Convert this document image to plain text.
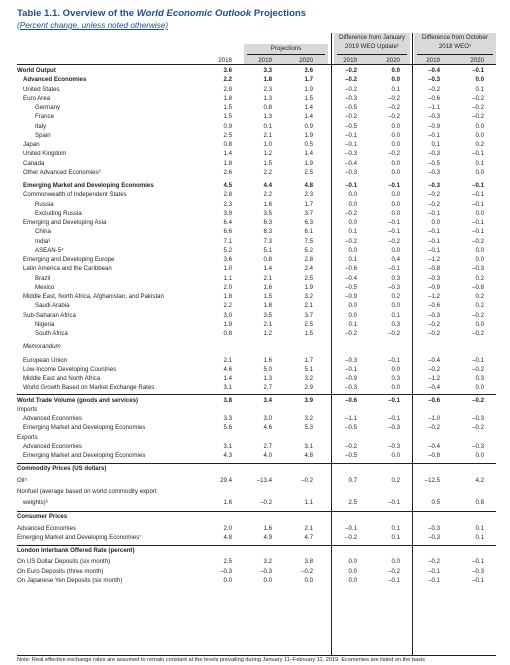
Table 1.1. Overview of the World Economic Outlook Projections
(Percent change, unless noted otherwise)
Projections
Difference from January
2019 WEO Update¹
Difference from October
2018 WEO¹
2018	2019	2020	2019	2020	2019	2020
World Output	3.6	3.3	3.6	–0.2	0.0	–0.4	–0.1
Advanced Economies	2.2	1.8	1.7	–0.2	0.0	–0.3	0.0
United States	2.9	2.3	1.9	–0.2	0.1	–0.2	0.1
Euro Area	1.8	1.3	1.5	–0.3	–0.2	–0.6	–0.2
Germany	1.5	0.8	1.4	–0.5	–0.2	–1.1	–0.2
France	1.5	1.3	1.4	–0.2	–0.2	–0.3	–0.2
Italy	0.9	0.1	0.9	–0.5	0.0	–0.9	0.0
Spain	2.5	2.1	1.9	–0.1	0.0	–0.1	0.0
Japan	0.8	1.0	0.5	–0.1	0.0	0.1	0.2
United Kingdom	1.4	1.2	1.4	–0.3	–0.2	–0.3	–0.1
Canada	1.8	1.5	1.9	–0.4	0.0	–0.5	0.1
Other Advanced Economies²	2.6	2.2	2.5	–0.3	0.0	–0.3	0.0
Emerging Market and Developing Economies	4.5	4.4	4.8	–0.1	–0.1	–0.3	–0.1
Commonwealth of Independent States	2.8	2.2	2.3	0.0	0.0	–0.2	–0.1
Russia	2.3	1.6	1.7	0.0	0.0	–0.2	–0.1
Excluding Russia	3.9	3.5	3.7	–0.2	0.0	–0.1	0.0
Emerging and Developing Asia	6.4	6.3	6.3	0.0	–0.1	0.0	–0.1
China	6.6	6.3	6.1	0.1	–0.1	–0.1	–0.1
India³	7.1	7.3	7.5	–0.2	–0.2	–0.1	–0.2
ASEAN-5⁴	5.2	5.1	5.2	0.0	0.0	–0.1	0.0
Emerging and Developing Europe	3.6	0.8	2.8	0.1	0.4	–1.2	0.0
Latin America and the Caribbean	1.0	1.4	2.4	–0.6	–0.1	–0.8	–0.3
Brazil	1.1	2.1	2.5	–0.4	0.3	–0.3	0.2
Mexico	2.0	1.6	1.9	–0.5	–0.3	–0.9	–0.8
Middle East, North Africa, Afghanistan, and Pakistan	1.8	1.5	3.2	–0.9	0.2	–1.2	0.2
Saudi Arabia	2.2	1.8	2.1	0.0	0.0	–0.6	0.2
Sub-Saharan Africa	3.0	3.5	3.7	0.0	0.1	–0.3	–0.2
Nigeria	1.9	2.1	2.5	0.1	0.3	–0.2	0.0
South Africa	0.8	1.2	1.5	–0.2	–0.2	–0.2	–0.2
Memorandum
European Union	2.1	1.6	1.7	–0.3	–0.1	–0.4	–0.1
Low-Income Developing Countries	4.6	5.0	5.1	–0.1	0.0	–0.2	–0.2
Middle East and North Africa	1.4	1.3	3.2	–0.9	0.3	–1.2	0.3
World Growth Based on Market Exchange Rates	3.1	2.7	2.9	–0.3	0.0	–0.4	0.0
World Trade Volume (goods and services)	3.8	3.4	3.9	–0.6	–0.1	–0.6	–0.2
Imports
Advanced Economies	3.3	3.0	3.2	–1.1	–0.1	–1.0	–0.3
Emerging Market and Developing Economies	5.6	4.6	5.3	–0.5	–0.3	–0.2	–0.2
Exports
Advanced Economies	3.1	2.7	3.1	–0.2	–0.3	–0.4	–0.3
Emerging Market and Developing Economies	4.3	4.0	4.8	–0.5	0.0	–0.8	0.0
Commodity Prices (US dollars)
Oil⁵	29.4	–13.4	–0.2	0.7	0.2	–12.5	4.2
Nonfuel (average based on world commodity export
weights)⁶	1.6	–0.2	1.1	2.5	–0.1	0.5	0.8
Consumer Prices
Advanced Economies	2.0	1.6	2.1	–0.1	0.1	–0.3	0.1
Emerging Market and Developing Economies⁷	4.8	4.9	4.7	–0.2	0.1	–0.3	0.1
London Interbank Offered Rate (percent)
On US Dollar Deposits (six month)	2.5	3.2	3.8	0.0	0.0	–0.2	–0.1
On Euro Deposits (three month)	–0.3	–0.3	–0.2	0.0	–0.2	–0.1	–0.3
On Japanese Yen Deposits (six month)	0.0	0.0	0.0	0.0	–0.1	–0.1	–0.1
Note: Real effective exchange rates are assumed to remain constant at the levels prevailing during January 11–February 11, 2019. Economies are listed on the basis
